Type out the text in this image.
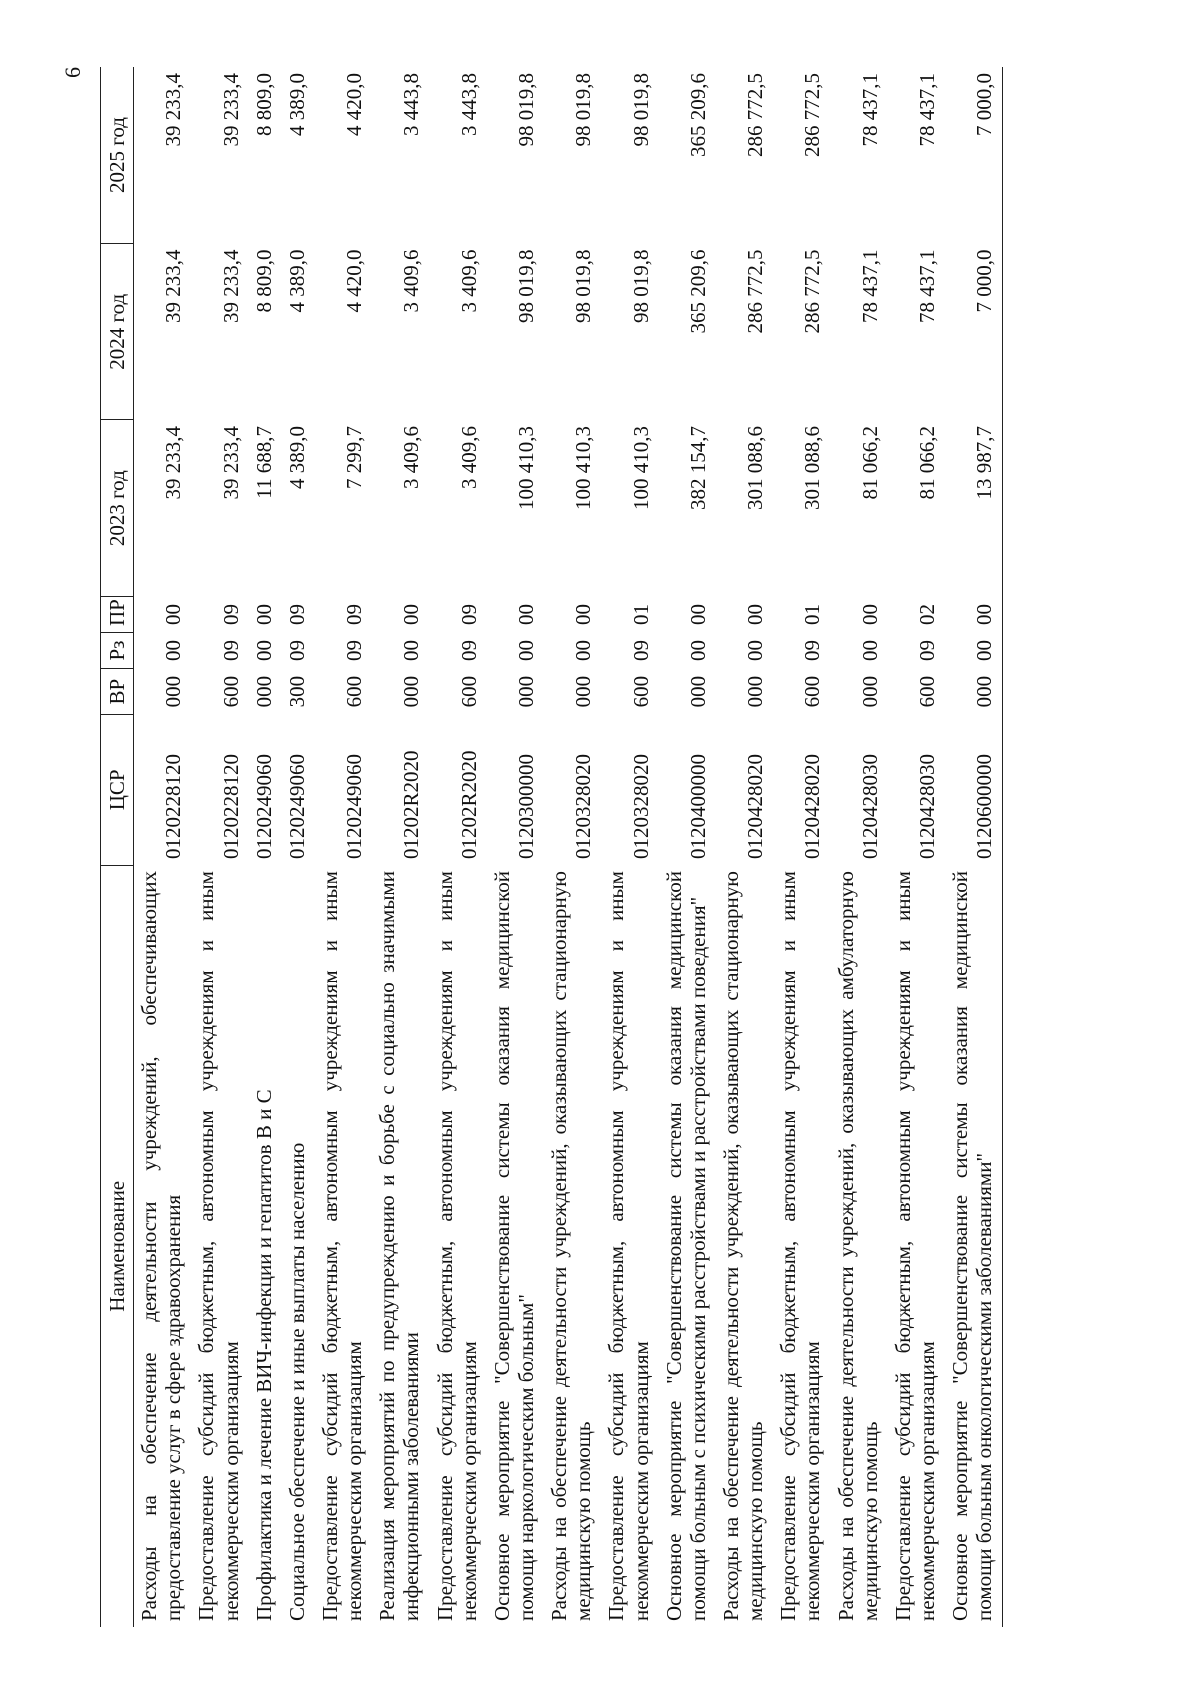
6
Наименование	ЦСР	ВР	Рз	ПР	2023 год	2024 год	2025 год
Расходы на обеспечение деятельности учреждений, обеспечивающих предоставление услуг в сфере здравоохранения	0120228120	000	00	00	39 233,4	39 233,4	39 233,4
Предоставление субсидий бюджетным, автономным учреждениям и иным некоммерческим организациям	0120228120	600	09	09	39 233,4	39 233,4	39 233,4
Профилактика и лечение ВИЧ-инфекции и гепатитов В и С	0120249060	000	00	00	11 688,7	8 809,0	8 809,0
Социальное обеспечение и иные выплаты населению	0120249060	300	09	09	4 389,0	4 389,0	4 389,0
Предоставление субсидий бюджетным, автономным учреждениям и иным некоммерческим организациям	0120249060	600	09	09	7 299,7	4 420,0	4 420,0
Реализация мероприятий по предупреждению и борьбе с социально значимыми инфекционными заболеваниями	01202R2020	000	00	00	3 409,6	3 409,6	3 443,8
Предоставление субсидий бюджетным, автономным учреждениям и иным некоммерческим организациям	01202R2020	600	09	09	3 409,6	3 409,6	3 443,8
Основное мероприятие "Совершенствование системы оказания медицинской помощи наркологическим больным"	0120300000	000	00	00	100 410,3	98 019,8	98 019,8
Расходы на обеспечение деятельности учреждений, оказывающих стационарную медицинскую помощь	0120328020	000	00	00	100 410,3	98 019,8	98 019,8
Предоставление субсидий бюджетным, автономным учреждениям и иным некоммерческим организациям	0120328020	600	09	01	100 410,3	98 019,8	98 019,8
Основное мероприятие "Совершенствование системы оказания медицинской помощи больным с психическими расстройствами и расстройствами поведения"	0120400000	000	00	00	382 154,7	365 209,6	365 209,6
Расходы на обеспечение деятельности учреждений, оказывающих стационарную медицинскую помощь	0120428020	000	00	00	301 088,6	286 772,5	286 772,5
Предоставление субсидий бюджетным, автономным учреждениям и иным некоммерческим организациям	0120428020	600	09	01	301 088,6	286 772,5	286 772,5
Расходы на обеспечение деятельности учреждений, оказывающих амбулаторную медицинскую помощь	0120428030	000	00	00	81 066,2	78 437,1	78 437,1
Предоставление субсидий бюджетным, автономным учреждениям и иным некоммерческим организациям	0120428030	600	09	02	81 066,2	78 437,1	78 437,1
Основное мероприятие "Совершенствование системы оказания медицинской помощи больным онкологическими заболеваниями"	0120600000	000	00	00	13 987,7	7 000,0	7 000,0
